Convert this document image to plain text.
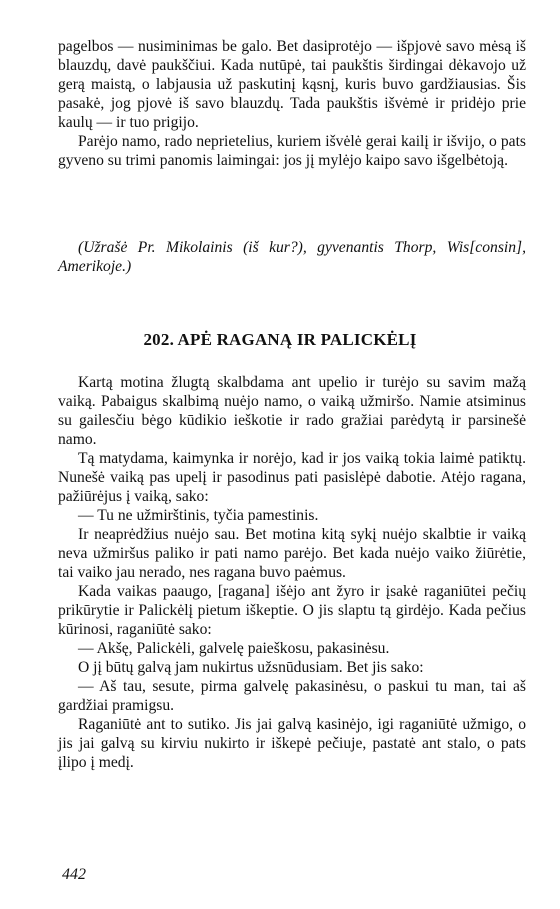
pagelbos — nusiminimas be galo. Bet dasiprotėjo — išpjovė savo mėsą iš blauzdų, davė paukščiui. Kada nutūpė, tai paukštis širdingai dėkavojo už gerą maistą, o labjausia už paskutinį kąsnį, kuris buvo gardžiausias. Šis pasakė, jog pjovė iš savo blauzdų. Tada paukštis išvėmė ir pridėjo prie kaulų — ir tuo prigijo.

Parėjo namo, rado neprietelius, kuriem išvėlė gerai kailį ir išvijo, o pats gyveno su trimi panomis laimingai: jos jį mylėjo kaipo savo išgelbėtoją.

(Užrašė Pr. Mikolainis (iš kur?), gyvenantis Thorp, Wis[consin], Amerikoje.)

202. APĖ RAGANĄ IR PALICKĖLĮ

Kartą motina žlugtą skalbdama ant upelio ir turėjo su savim mažą vaiką. Pabaigus skalbimą nuėjo namo, o vaiką užmiršo. Namie atsiminus su gailesčiu bėgo kūdikio ieškotie ir rado gražiai parėdytą ir parsinešė namo.

Tą matydama, kaimynka ir norėjo, kad ir jos vaiką tokia laimė patiktų. Nunešė vaiką pas upelį ir pasodinus pati pasislėpė dabotie. Atėjo ragana, pažiūrėjus į vaiką, sako:

— Tu ne užmirštinis, tyčia pamestinis.

Ir neaprėdžius nuėjo sau. Bet motina kitą sykį nuėjo skalbtie ir vaiką neva užmiršus paliko ir pati namo parėjo. Bet kada nuėjo vaiko žiūrėtie, tai vaiko jau nerado, nes ragana buvo paėmus.

Kada vaikas paaugo, [ragana] išėjo ant žyro ir įsakė raganiūtei pečių prikūrytie ir Palickėlį pietum iškeptie. O jis slaptu tą girdėjo. Kada pečius kūrinosi, raganiūtė sako:

— Akšę, Palickėli, galvelę paieškosu, pakasinėsu.

O jį būtų galvą jam nukirtus užsnūdusiam. Bet jis sako:

— Aš tau, sesute, pirma galvelę pakasinėsu, o paskui tu man, tai aš gardžiai pramigsu.

Raganiūtė ant to sutiko. Jis jai galvą kasinėjo, igi raganiūtė užmigo, o jis jai galvą su kirviu nukirto ir iškepė pečiuje, pastatė ant stalo, o pats įlipo į medį.

442
